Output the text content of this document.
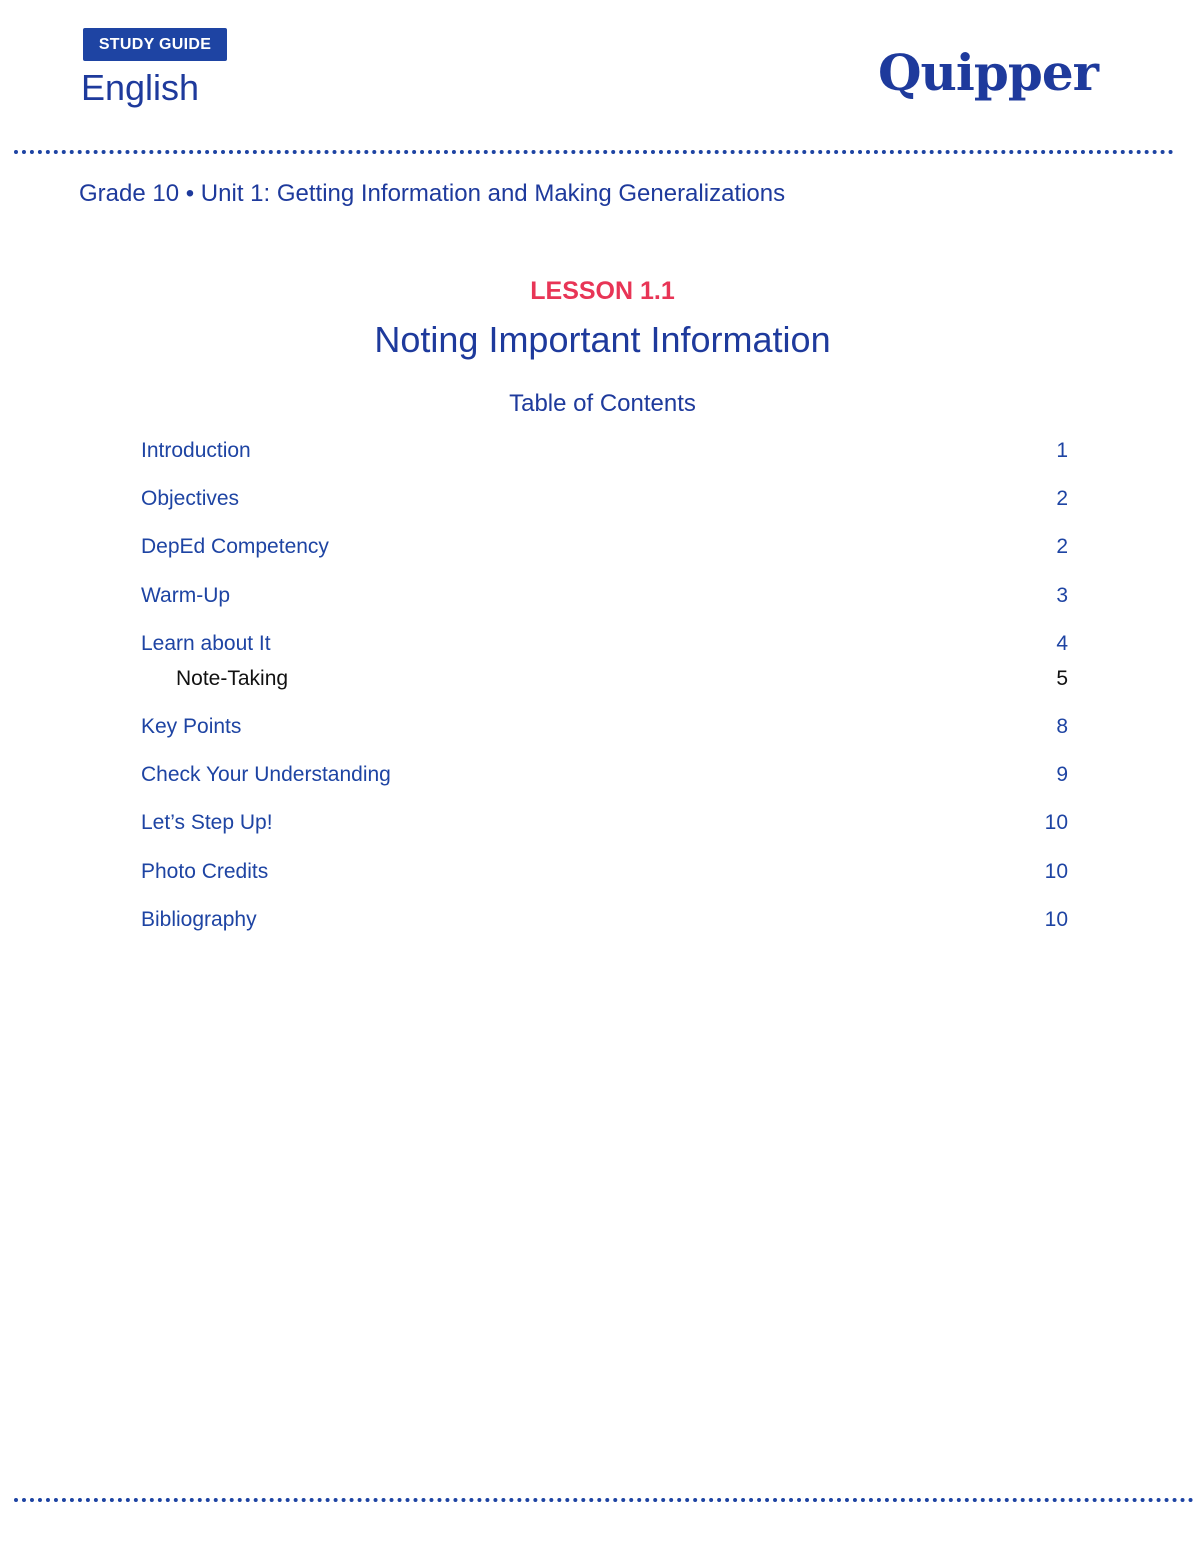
STUDY GUIDE
English	Quipper
Grade 10 • Unit 1: Getting Information and Making Generalizations
LESSON 1.1
Noting Important Information
Table of Contents
Introduction	1
Objectives	2
DepEd Competency	2
Warm-Up	3
Learn about It	4
Note-Taking	5
Key Points	8
Check Your Understanding	9
Let’s Step Up!	10
Photo Credits	10
Bibliography	10
